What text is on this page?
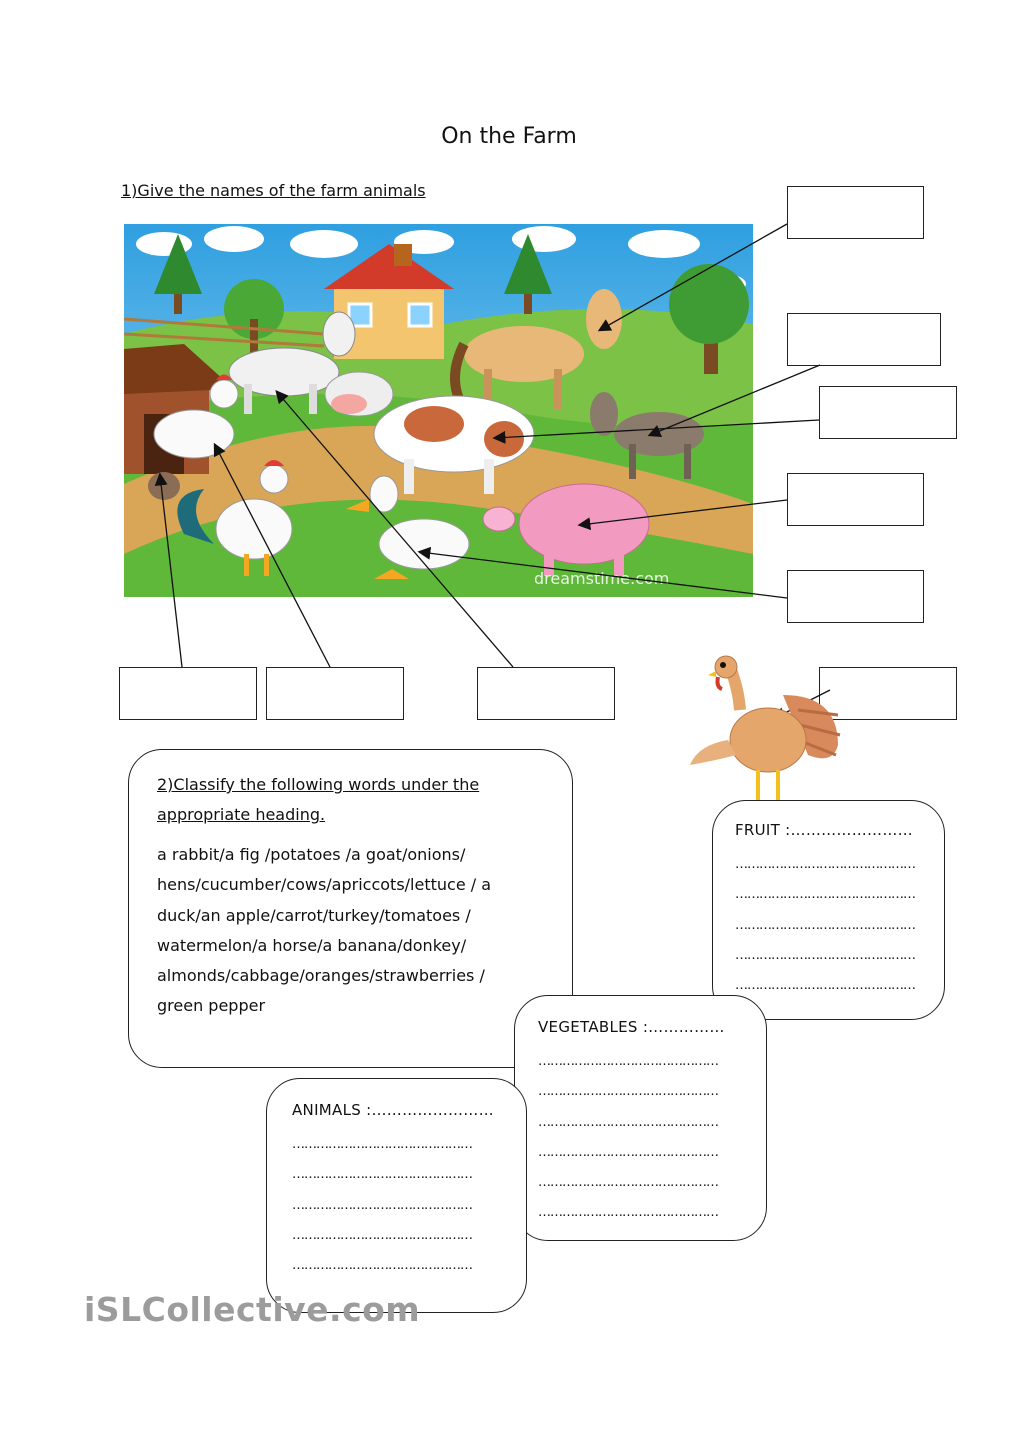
On the Farm
1)Give the names of the farm animals
dreamstime.com
2)Classify the following words under the
appropriate heading.
a rabbit/a fig /potatoes /a goat/onions/
hens/cucumber/cows/apriccots/lettuce / a
duck/an apple/carrot/turkey/tomatoes /
watermelon/a horse/a banana/donkey/
almonds/cabbage/oranges/strawberries /
green pepper
FRUIT :……………………
………………………………………
………………………………………
………………………………………
………………………………………
………………………………………
VEGETABLES :……………
………………………………………
………………………………………
………………………………………
………………………………………
………………………………………
………………………………………
ANIMALS :……………………
………………………………………
………………………………………
………………………………………
………………………………………
………………………………………
iSLCollective.com
